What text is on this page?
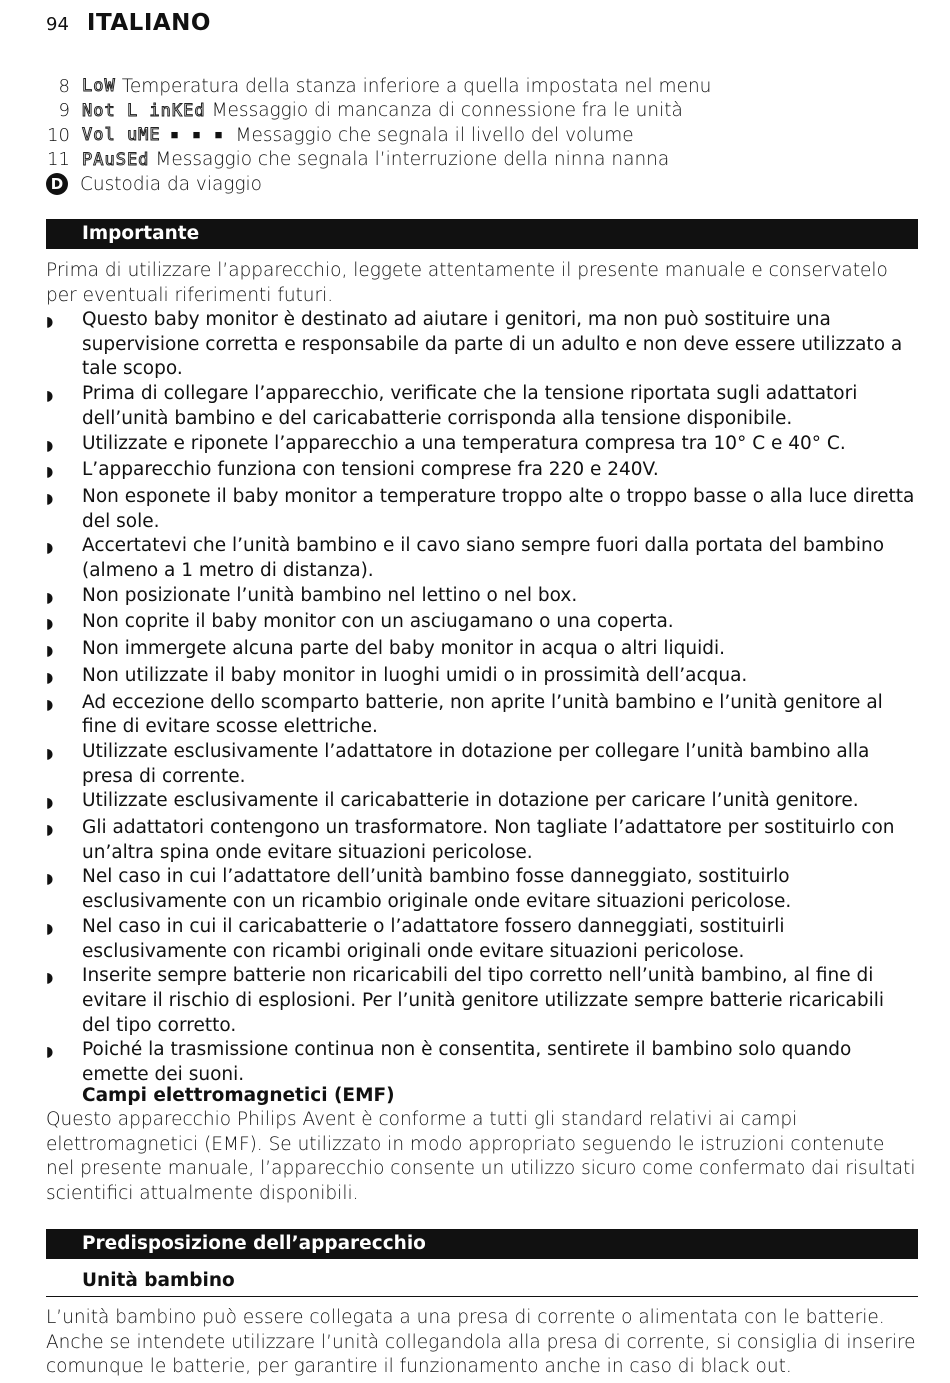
94 ITALIANO
8 LoW Temperatura della stanza inferiore a quella impostata nel menu
9 Not L inKEd Messaggio di mancanza di connessione fra le unità
10 Vol uME ■ ■ ■ Messaggio che segnala il livello del volume
11 PAuSEd Messaggio che segnala l’interruzione della ninna nanna
D Custodia da viaggio
Importante
Prima di utilizzare l’apparecchio, leggete attentamente il presente manuale e conservatelo per eventuali riferimenti futuri.
◗	Questo baby monitor è destinato ad aiutare i genitori, ma non può sostituire una supervisione corretta e responsabile da parte di un adulto e non deve essere utilizzato a tale scopo.
◗	Prima di collegare l’apparecchio, verificate che la tensione riportata sugli adattatori dell’unità bambino e del caricabatterie corrisponda alla tensione disponibile.
◗	Utilizzate e riponete l’apparecchio a una temperatura compresa tra 10° C e 40° C.
◗	L’apparecchio funziona con tensioni comprese fra 220 e 240V.
◗	Non esponete il baby monitor a temperature troppo alte o troppo basse o alla luce diretta del sole.
◗	Accertatevi che l’unità bambino e il cavo siano sempre fuori dalla portata del bambino (almeno a 1 metro di distanza).
◗	Non posizionate l’unità bambino nel lettino o nel box.
◗	Non coprite il baby monitor con un asciugamano o una coperta.
◗	Non immergete alcuna parte del baby monitor in acqua o altri liquidi.
◗	Non utilizzate il baby monitor in luoghi umidi o in prossimità dell’acqua.
◗	Ad eccezione dello scomparto batterie, non aprite l’unità bambino e l’unità genitore al fine di evitare scosse elettriche.
◗	Utilizzate esclusivamente l’adattatore in dotazione per collegare l’unità bambino alla presa di corrente.
◗	Utilizzate esclusivamente il caricabatterie in dotazione per caricare l’unità genitore.
◗	Gli adattatori contengono un trasformatore. Non tagliate l’adattatore per sostituirlo con un’altra spina onde evitare situazioni pericolose.
◗	Nel caso in cui l’adattatore dell’unità bambino fosse danneggiato, sostituirlo esclusivamente con un ricambio originale onde evitare situazioni pericolose.
◗	Nel caso in cui il caricabatterie o l’adattatore fossero danneggiati, sostituirli esclusivamente con ricambi originali onde evitare situazioni pericolose.
◗	Inserite sempre batterie non ricaricabili del tipo corretto nell’unità bambino, al fine di evitare il rischio di esplosioni. Per l’unità genitore utilizzate sempre batterie ricaricabili del tipo corretto.
◗	Poiché la trasmissione continua non è consentita, sentirete il bambino solo quando emette dei suoni.
Campi elettromagnetici (EMF)
Questo apparecchio Philips Avent è conforme a tutti gli standard relativi ai campi elettromagnetici (EMF). Se utilizzato in modo appropriato seguendo le istruzioni contenute nel presente manuale, l’apparecchio consente un utilizzo sicuro come confermato dai risultati scientifici attualmente disponibili.
Predisposizione dell’apparecchio
Unità bambino
L’unità bambino può essere collegata a una presa di corrente o alimentata con le batterie. Anche se intendete utilizzare l’unità collegandola alla presa di corrente, si consiglia di inserire comunque le batterie, per garantire il funzionamento anche in caso di black out.
